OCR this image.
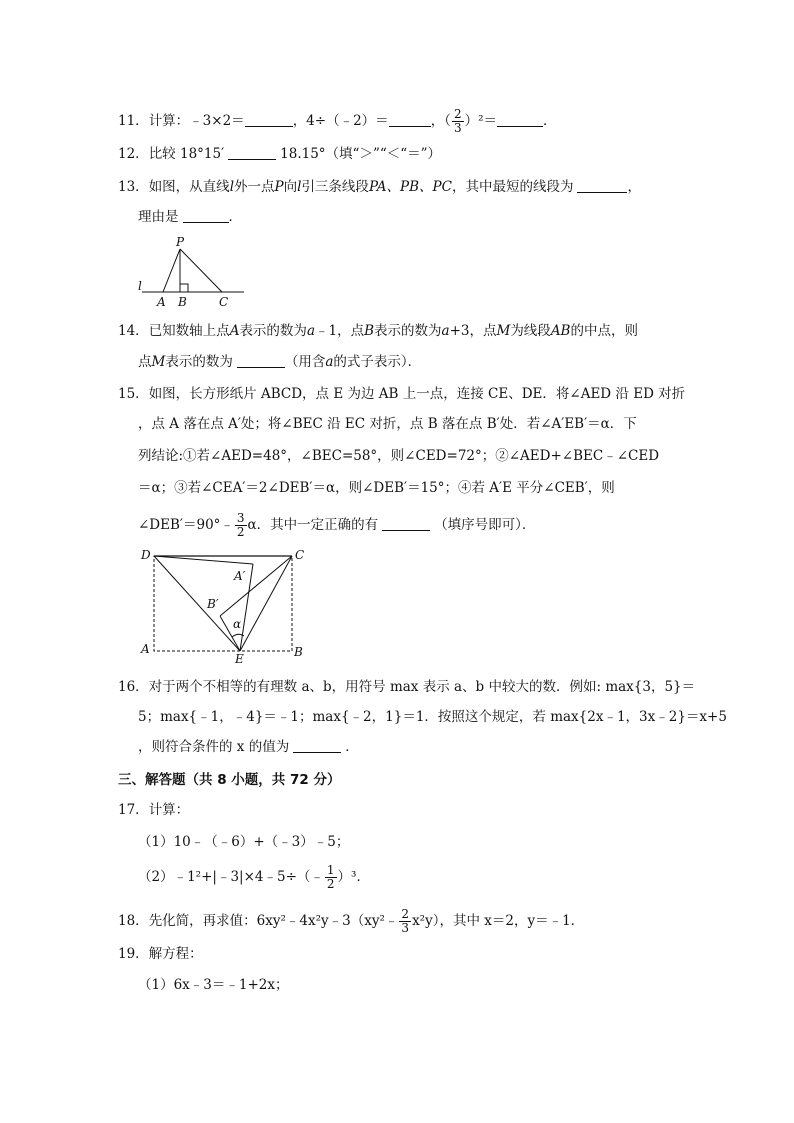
11．计算：﹣3×2＝	，4÷（﹣2）＝	，（ $\frac{2}{3} )^2=$	．
12．比较 18°15′	18.15°（填“＞”“＜“＝”）
13．如图，从直线l外一点P向l引三条线段PA、PB、PC，其中最短的线段为	，
理由是	．
P
l
A B	C
14．已知数轴上点A表示的数为a﹣1，点B表示的数为a+3，点M为线段AB的中点，则
点M表示的数为	（用含a的式子表示）．
15．如图，长方形纸片 ABCD，点 E 为边 AB 上一点，连接 CE、DE．将∠AED 沿 ED 对折
，点 A 落在点 A′处；将∠BEC 沿 EC 对折，点 B 落在点 B′处．若∠A′EB′＝α．下
列结论:①若∠AED=48°，∠BEC=58°，则∠CED=72°；②∠AED+∠BEC﹣∠CED
＝α；③若∠CEA′＝2∠DEB′＝α，则∠DEB′＝15°；④若 A′E 平分∠CEB′，则
∠DEB′＝90°﹣ $\frac{3}{2}$ α．其中一定正确的有	（填序号即可）．
D	C
A	B
E
A′
B′
α
16．对于两个不相等的有理数 a、b，用符号 max 表示 a、b 中较大的数．例如: max{3，5}＝
5；max{﹣1，﹣4}＝﹣1；max{﹣2，1}＝1．按照这个规定，若 max{2x﹣1，3x﹣2}＝x+5
，则符合条件的 x 的值为	．
三、解答题（共 8 小题，共 72 分）
17．计算：
（1）10﹣（﹣6）+（﹣3）﹣5；
（2）﹣1²+|﹣3|×4﹣5÷（﹣ $\frac{1}{2} )^3$．
18．先化简，再求值：6xy²﹣4x²y﹣3（xy²﹣ $\frac{2}{3} x^2y$），其中 x＝2，y＝﹣1．
19．解方程：
（1）6x﹣3＝﹣1+2x；
